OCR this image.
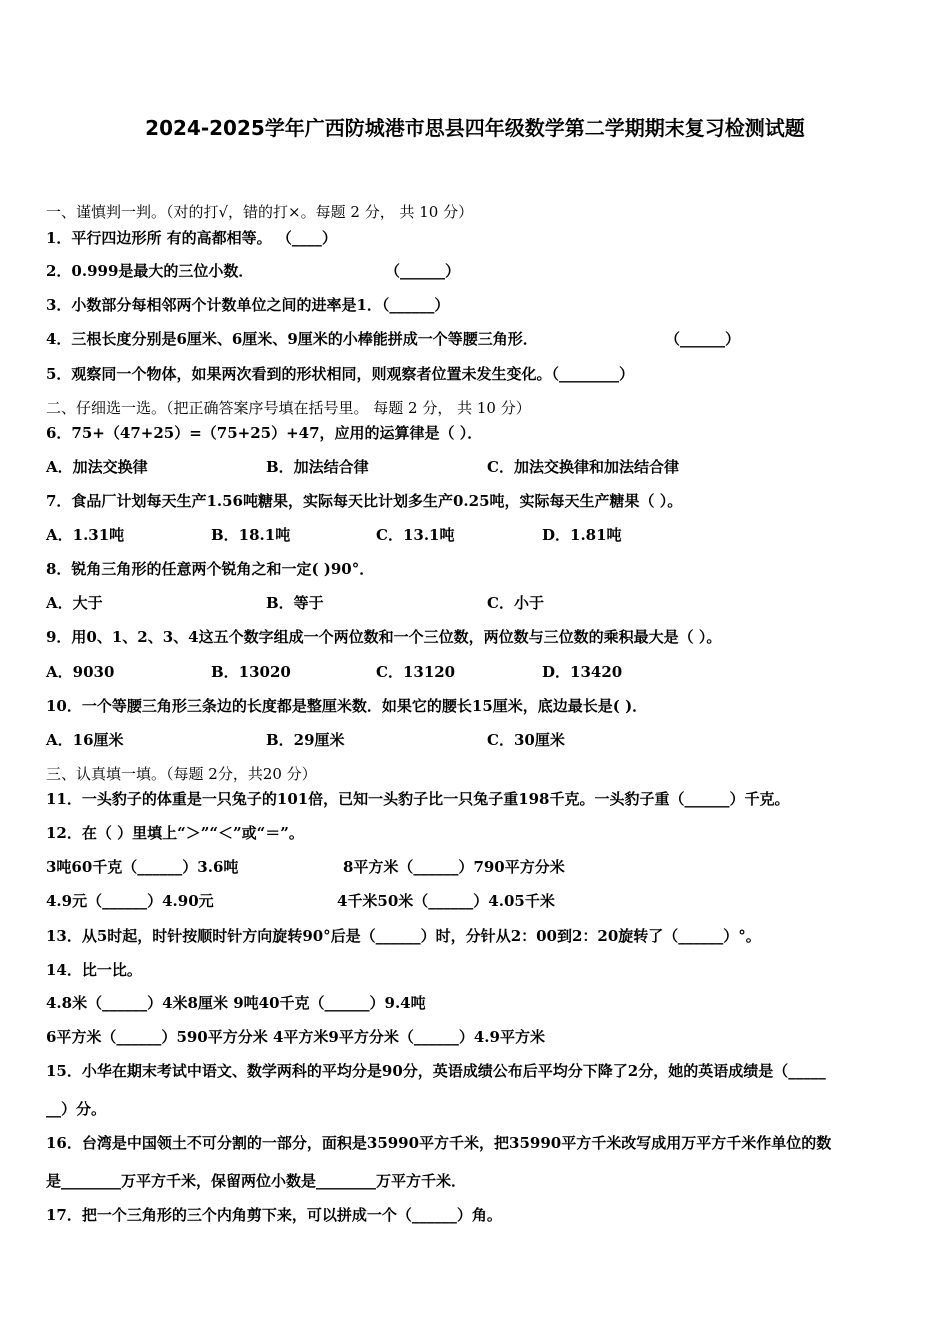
2024-2025学年广西防城港市思县四年级数学第二学期期末复习检测试题
一、谨慎判一判。（对的打√，错的打×。每题 2 分， 共 10 分）
1．平行四边形所 有的高都相等。 （____）
2．0.999是最大的三位小数．	（______）
3．小数部分每相邻两个计数单位之间的进率是1．（______）
4．三根长度分别是6厘米、6厘米、9厘米的小棒能拼成一个等腰三角形．	（______）
5．观察同一个物体，如果两次看到的形状相同，则观察者位置未发生变化。（________）
二、仔细选一选。（把正确答案序号填在括号里。 每题 2 分， 共 10 分）
6．75+（47+25）=（75+25）+47，应用的运算律是（ ）．
A．加法交换律	B．加法结合律	C．加法交换律和加法结合律
7．食品厂计划每天生产1.56吨糖果，实际每天比计划多生产0.25吨，实际每天生产糖果（ ）。
A．1.31吨	B．18.1吨	C．13.1吨	D．1.81吨
8．锐角三角形的任意两个锐角之和一定( )90°．
A．大于	B．等于	C．小于
9．用0、1、2、3、4这五个数字组成一个两位数和一个三位数，两位数与三位数的乘积最大是（ ）。
A．9030	B．13020	C．13120	D．13420
10．一个等腰三角形三条边的长度都是整厘米数．如果它的腰长15厘米，底边最长是( )．
A．16厘米	B．29厘米	C．30厘米
三、认真填一填。（每题 2分，共20 分）
11．一头豹子的体重是一只兔子的101倍，已知一头豹子比一只兔子重198千克。一头豹子重（______）千克。
12．在（ ）里填上“＞”“＜”或“＝”。
3吨60千克（______）3.6吨	8平方米（______）790平方分米
4.9元（______）4.90元	4千米50米（______）4.05千米
13．从5时起，时针按顺时针方向旋转90°后是（______）时，分针从2：00到2：20旋转了（______）°。
14．比一比。
4.8米（______）4米8厘米 9吨40千克（______）9.4吨
6平方米（______）590平方分米 4平方米9平方分米（______）4.9平方米
15．小华在期末考试中语文、数学两科的平均分是90分，英语成绩公布后平均分下降了2分，她的英语成绩是（_____
__）分。
16．台湾是中国领土不可分割的一部分，面积是35990平方千米，把35990平方千米改写成用万平方千米作单位的数
是________万平方千米，保留两位小数是________万平方千米．
17．把一个三角形的三个内角剪下来，可以拼成一个（______）角。
